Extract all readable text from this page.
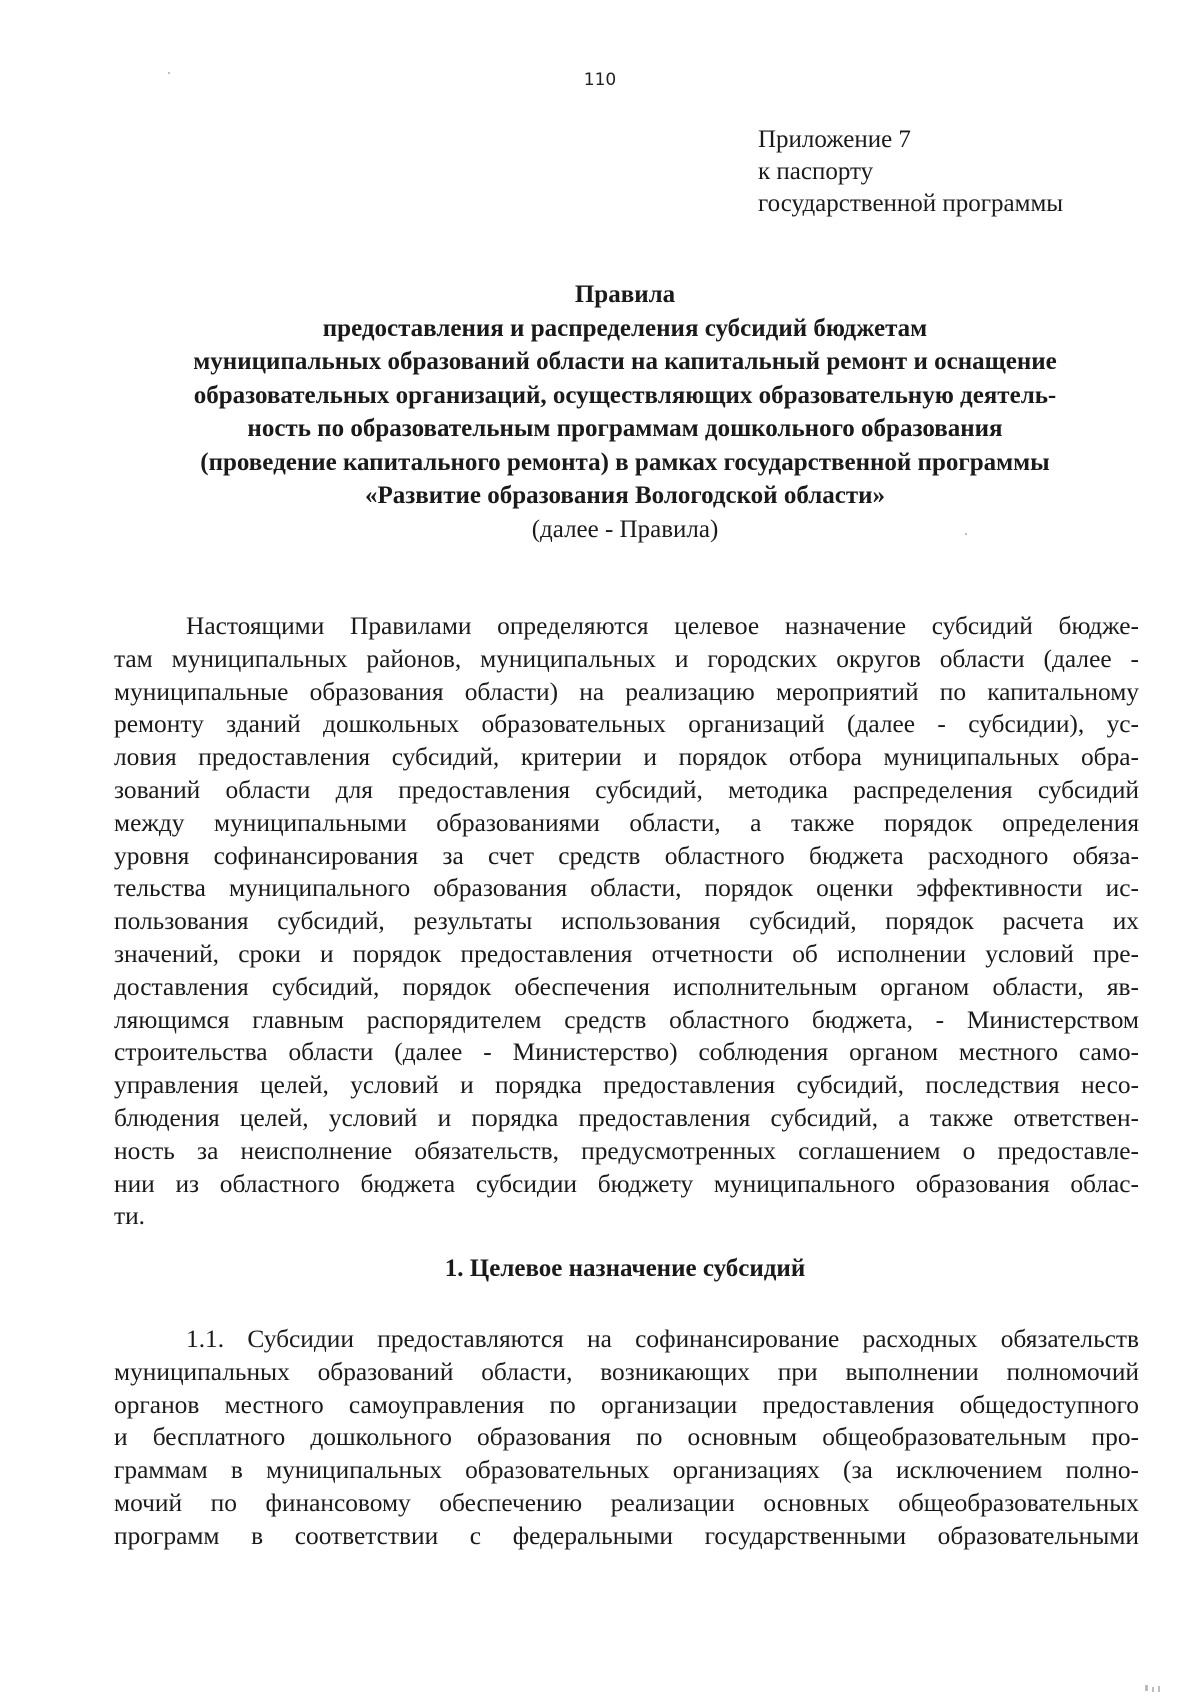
110
Приложение 7
к паспорту
государственной программы
Правила
предоставления и распределения субсидий бюджетам
муниципальных образований области на капитальный ремонт и оснащение
образовательных организаций, осуществляющих образовательную деятель-
ность по образовательным программам дошкольного образования
(проведение капитального ремонта) в рамках государственной программы
«Развитие образования Вологодской области»
(далее - Правила)
Настоящими Правилами определяются целевое назначение субсидий бюдже-
там муниципальных районов, муниципальных и городских округов области (далее -
муниципальные образования области) на реализацию мероприятий по капитальному
ремонту зданий дошкольных образовательных организаций (далее - субсидии), ус-
ловия предоставления субсидий, критерии и порядок отбора муниципальных обра-
зований области для предоставления субсидий, методика распределения субсидий
между муниципальными образованиями области, а также порядок определения
уровня софинансирования за счет средств областного бюджета расходного обяза-
тельства муниципального образования области, порядок оценки эффективности ис-
пользования субсидий, результаты использования субсидий, порядок расчета их
значений, сроки и порядок предоставления отчетности об исполнении условий пре-
доставления субсидий, порядок обеспечения исполнительным органом области, яв-
ляющимся главным распорядителем средств областного бюджета, - Министерством
строительства области (далее - Министерство) соблюдения органом местного само-
управления целей, условий и порядка предоставления субсидий, последствия несо-
блюдения целей, условий и порядка предоставления субсидий, а также ответствен-
ность за неисполнение обязательств, предусмотренных соглашением о предоставле-
нии из областного бюджета субсидии бюджету муниципального образования облас-
ти.
1. Целевое назначение субсидий
1.1. Субсидии предоставляются на софинансирование расходных обязательств
муниципальных образований области, возникающих при выполнении полномочий
органов местного самоуправления по организации предоставления общедоступного
и бесплатного дошкольного образования по основным общеобразовательным про-
граммам в муниципальных образовательных организациях (за исключением полно-
мочий по финансовому обеспечению реализации основных общеобразовательных
программ в соответствии с федеральными государственными образовательными
